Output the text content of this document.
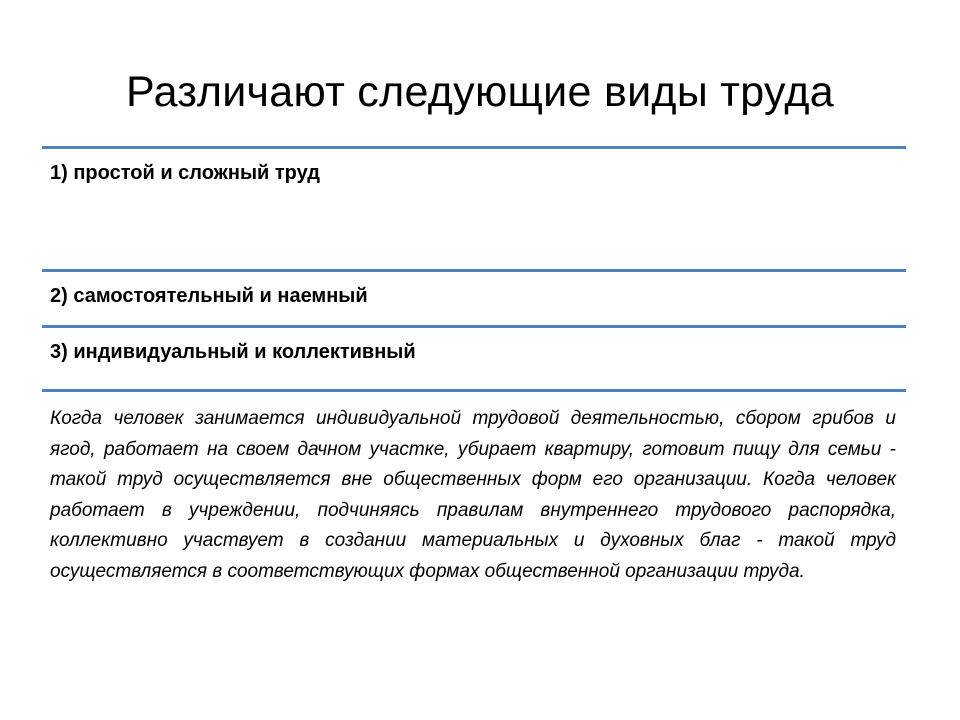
Различают следующие виды труда

1) простой и сложный труд

2) самостоятельный и наемный

3) индивидуальный и коллективный

Когда человек занимается индивидуальной трудовой деятельностью, сбором грибов и ягод, работает на своем дачном участке, убирает квартиру, готовит пищу для семьи - такой труд осуществляется вне общественных форм его организации. Когда человек работает в учреждении, подчиняясь правилам внутреннего трудового распорядка, коллективно участвует в создании материальных и духовных благ - такой труд осуществляется в соответствующих формах общественной организации труда.
